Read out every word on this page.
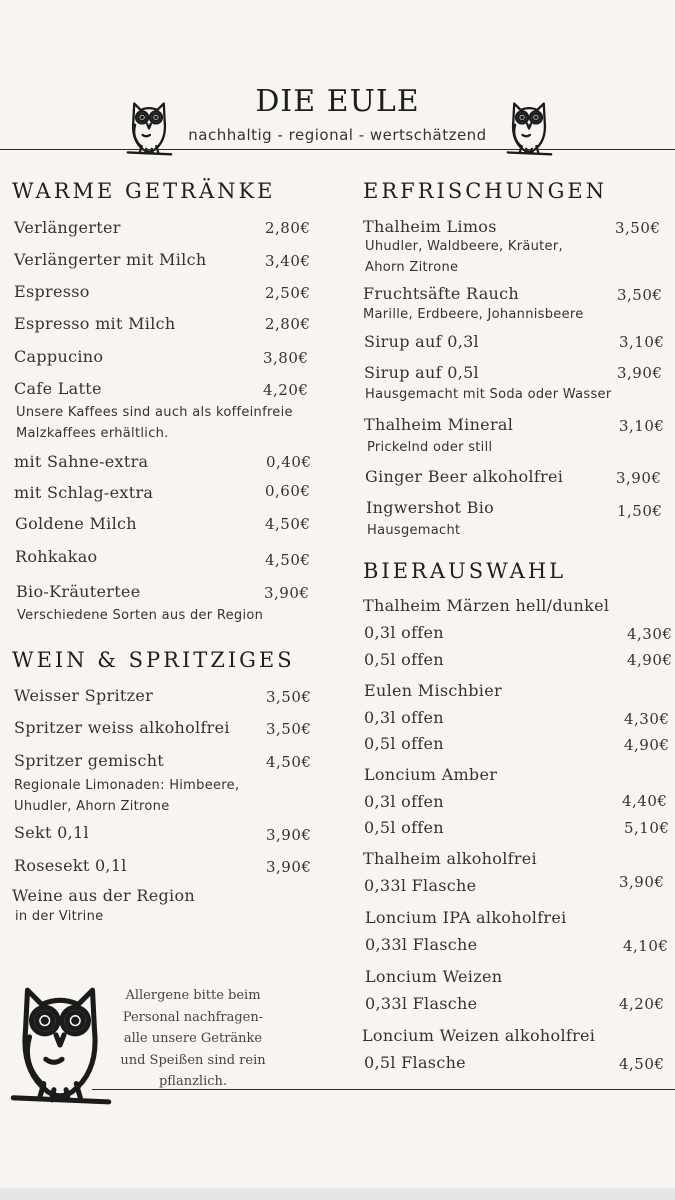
DIE EULE
nachhaltig - regional - wertschätzend
WARME GETRÄNKE
Verlängerter	2,80€
Verlängerter mit Milch	3,40€
Espresso	2,50€
Espresso mit Milch	2,80€
Cappucino	3,80€
Cafe Latte	4,20€
Unsere Kaffees sind auch als koffeinfreie
Malzkaffees erhältlich.
mit Sahne-extra	0,40€
mit Schlag-extra	0,60€
Goldene Milch	4,50€
Rohkakao	4,50€
Bio-Kräutertee	3,90€
Verschiedene Sorten aus der Region
WEIN & SPRITZIGES
Weisser Spritzer	3,50€
Spritzer weiss alkoholfrei 3,50€
Spritzer gemischt	4,50€
Regionale Limonaden: Himbeere,
Uhudler, Ahorn Zitrone
Sekt 0,1l	3,90€
Rosesekt 0,1l	3,90€
Weine aus der Region
in der Vitrine
ERFRISCHUNGEN
Thalheim Limos	3,50€
Uhudler, Waldbeere, Kräuter,
Ahorn Zitrone
Fruchtsäfte Rauch	3,50€
Marille, Erdbeere, Johannisbeere
Sirup auf 0,3l	3,10€
Sirup auf 0,5l	3,90€
Hausgemacht mit Soda oder Wasser
Thalheim Mineral	3,10€
Prickelnd oder still
Ginger Beer alkoholfrei	3,90€
Ingwershot Bio	1,50€
Hausgemacht
BIERAUSWAHL
Thalheim Märzen hell/dunkel
0,3l offen	4,30€
0,5l offen	4,90€
Eulen Mischbier
0,3l offen	4,30€
0,5l offen	4,90€
Loncium Amber
0,3l offen	4,40€
0,5l offen	5,10€
Thalheim alkoholfrei
0,33l Flasche	3,90€
Loncium IPA alkoholfrei
0,33l Flasche	4,10€
Loncium Weizen
0,33l Flasche	4,20€
Loncium Weizen alkoholfrei
0,5l Flasche	4,50€
Allergene bitte beim
Personal nachfragen-
alle unsere Getränke
und Speißen sind rein
pflanzlich.
